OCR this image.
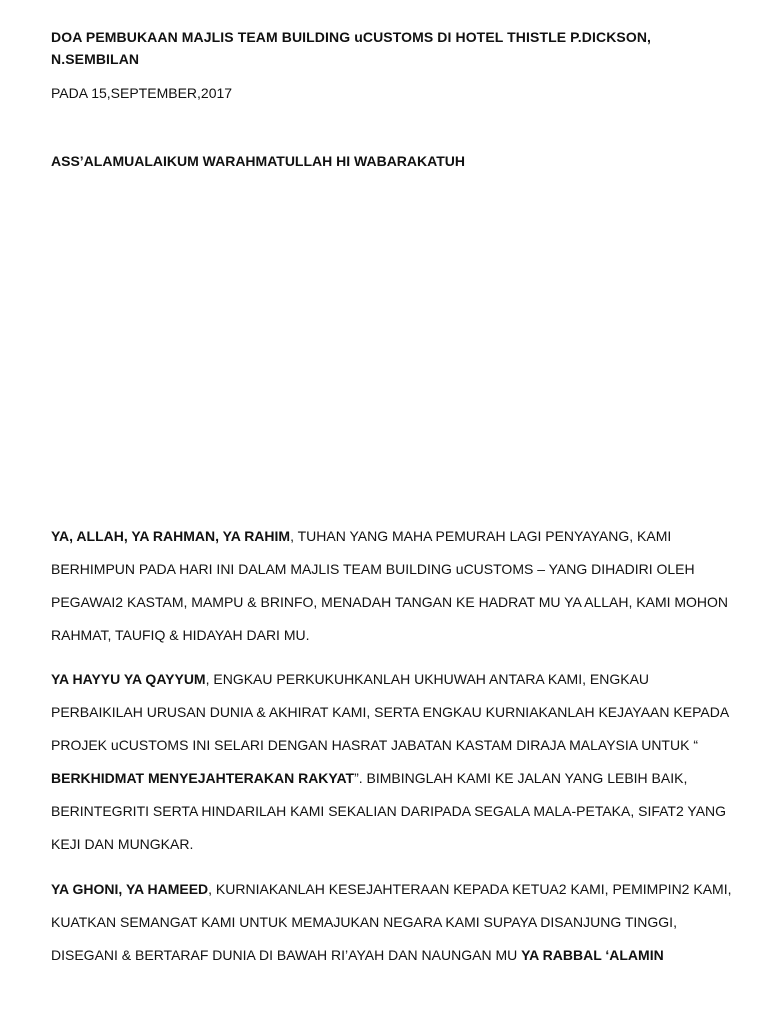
DOA PEMBUKAAN MAJLIS TEAM BUILDING uCUSTOMS DI HOTEL THISTLE P.DICKSON, N.SEMBILAN
PADA 15,SEPTEMBER,2017
ASS’ALAMUALAIKUM WARAHMATULLAH HI WABARAKATUH

YA, ALLAH, YA RAHMAN, YA RAHIM, TUHAN YANG MAHA PEMURAH LAGI PENYAYANG, KAMI BERHIMPUN PADA HARI INI DALAM MAJLIS TEAM BUILDING uCUSTOMS – YANG DIHADIRI OLEH PEGAWAI2 KASTAM, MAMPU & BRINFO, MENADAH TANGAN KE HADRAT MU YA ALLAH, KAMI MOHON RAHMAT, TAUFIQ & HIDAYAH DARI MU.

YA HAYYU YA QAYYUM, ENGKAU PERKUKUHKANLAH UKHUWAH ANTARA KAMI, ENGKAU PERBAIKILAH URUSAN DUNIA & AKHIRAT KAMI, SERTA ENGKAU KURNIAKANLAH KEJAYAAN KEPADA PROJEK uCUSTOMS INI SELARI DENGAN HASRAT JABATAN KASTAM DIRAJA MALAYSIA UNTUK “ BERKHIDMAT MENYEJAHTERAKAN RAKYAT”. BIMBINGLAH KAMI KE JALAN YANG LEBIH BAIK, BERINTEGRITI SERTA HINDARILAH KAMI SEKALIAN DARIPADA SEGALA MALA-PETAKA, SIFAT2 YANG KEJI DAN MUNGKAR.

YA GHONI, YA HAMEED, KURNIAKANLAH KESEJAHTERAAN KEPADA KETUA2 KAMI, PEMIMPIN2 KAMI, KUATKAN SEMANGAT KAMI UNTUK MEMAJUKAN NEGARA KAMI SUPAYA DISANJUNG TINGGI, DISEGANI & BERTARAF DUNIA DI BAWAH RI’AYAH DAN NAUNGAN MU YA RABBAL ‘ALAMIN
